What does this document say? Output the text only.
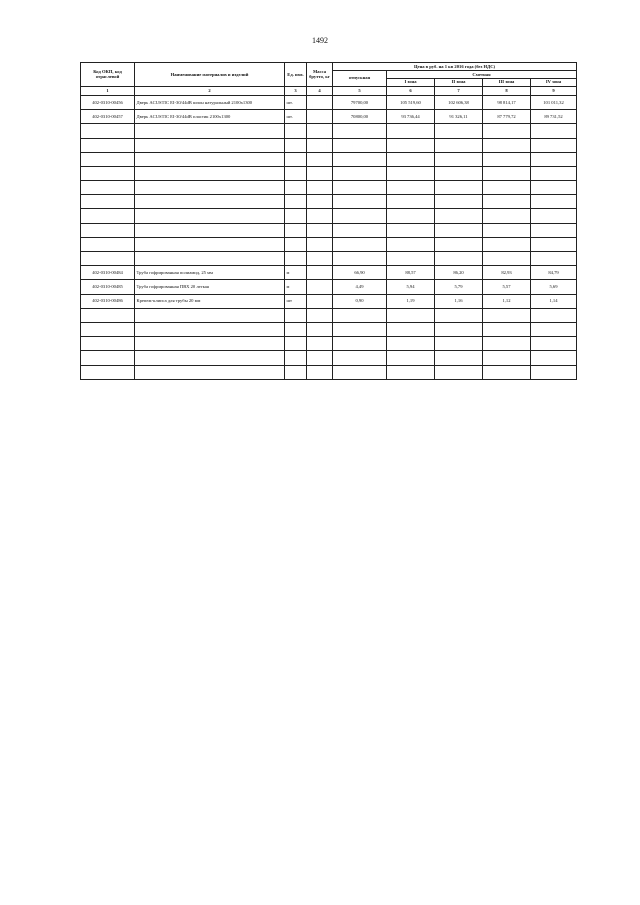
1492
Код ОКП, код отраслевой	Наименование материалов и изделий	Ед. изм.	Масса брутто, кг	Цена в руб. на 1 кв 2016 года (без НДС)				
				отпускная	Сметная			
					I зона	II зона	III зона	IV зона
1	2	3	4	5	6	7	8	9
402-0310-00456	Дверь ACUSTIC EI-30/44dB шпон натуральный 2100x1300	шт.		79700,00	105 519,60	102 606,38	98 814,17	101 011,32
402-0310-00457	Дверь ACUSTIC EI-30/44dB пластик 2100x1300	шт.		70800,00	93 736,44	91 326,11	87 779,72	89 731,52

402-0310-00484	Труба гофрированная полиамид, 25 мм	м		66,90	88,57	86,20	82,93	84,79
402-0310-00485	Труба гофрированная ПВХ 20 легкая	м		4,49	5,94	5,79	5,57	5,69
402-0310-00486	Крепеж-клипса для трубы 20 мм	шт		0,90	1,19	1,16	1,12	1,14
